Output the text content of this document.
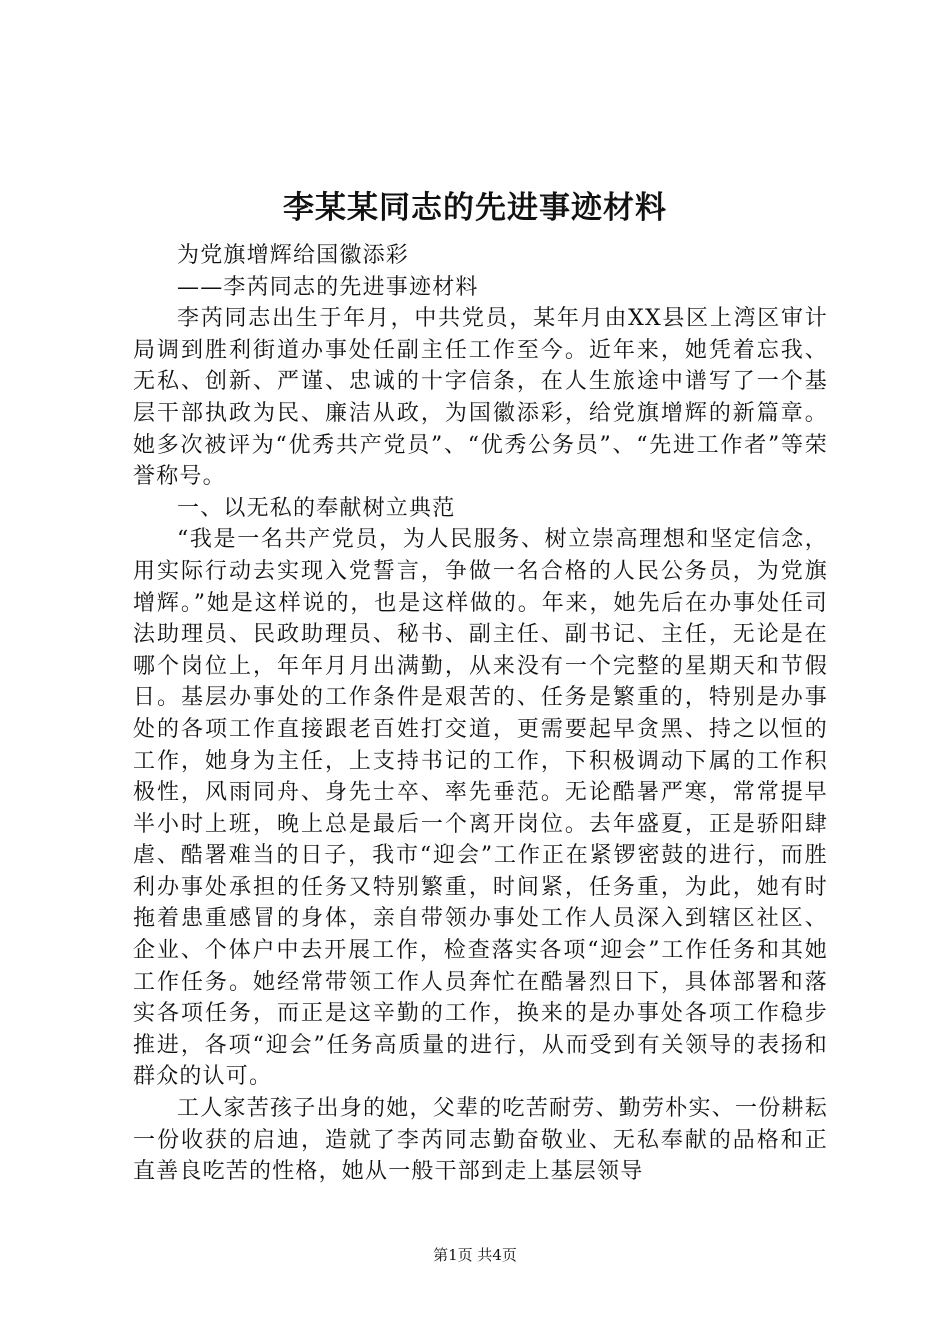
李某某同志的先进事迹材料

为党旗增辉给国徽添彩

——李芮同志的先进事迹材料

李芮同志出生于年月，中共党员，某年月由XX县区上湾区审计局调到胜利街道办事处任副主任工作至今。近年来，她凭着忘我、无私、创新、严谨、忠诚的十字信条，在人生旅途中谱写了一个基层干部执政为民、廉洁从政，为国徽添彩，给党旗增辉的新篇章。她多次被评为“优秀共产党员”、“优秀公务员”、“先进工作者”等荣誉称号。

一、以无私的奉献树立典范

“我是一名共产党员，为人民服务、树立崇高理想和坚定信念，用实际行动去实现入党誓言，争做一名合格的人民公务员，为党旗增辉。”她是这样说的，也是这样做的。年来，她先后在办事处任司法助理员、民政助理员、秘书、副主任、副书记、主任，无论是在哪个岗位上，年年月月出满勤，从来没有一个完整的星期天和节假日。基层办事处的工作条件是艰苦的、任务是繁重的，特别是办事处的各项工作直接跟老百姓打交道，更需要起早贪黑、持之以恒的工作，她身为主任，上支持书记的工作，下积极调动下属的工作积极性，风雨同舟、身先士卒、率先垂范。无论酷暑严寒，常常提早半小时上班，晚上总是最后一个离开岗位。去年盛夏，正是骄阳肆虐、酷署难当的日子，我市“迎会”工作正在紧锣密鼓的进行，而胜利办事处承担的任务又特别繁重，时间紧，任务重，为此，她有时拖着患重感冒的身体，亲自带领办事处工作人员深入到辖区社区、企业、个体户中去开展工作，检查落实各项“迎会”工作任务和其她工作任务。她经常带领工作人员奔忙在酷暑烈日下，具体部署和落实各项任务，而正是这辛勤的工作，换来的是办事处各项工作稳步推进，各项“迎会”任务高质量的进行，从而受到有关领导的表扬和群众的认可。

工人家苦孩子出身的她，父辈的吃苦耐劳、勤劳朴实、一份耕耘一份收获的启迪，造就了李芮同志勤奋敬业、无私奉献的品格和正直善良吃苦的性格，她从一般干部到走上基层领导

第1页 共4页
